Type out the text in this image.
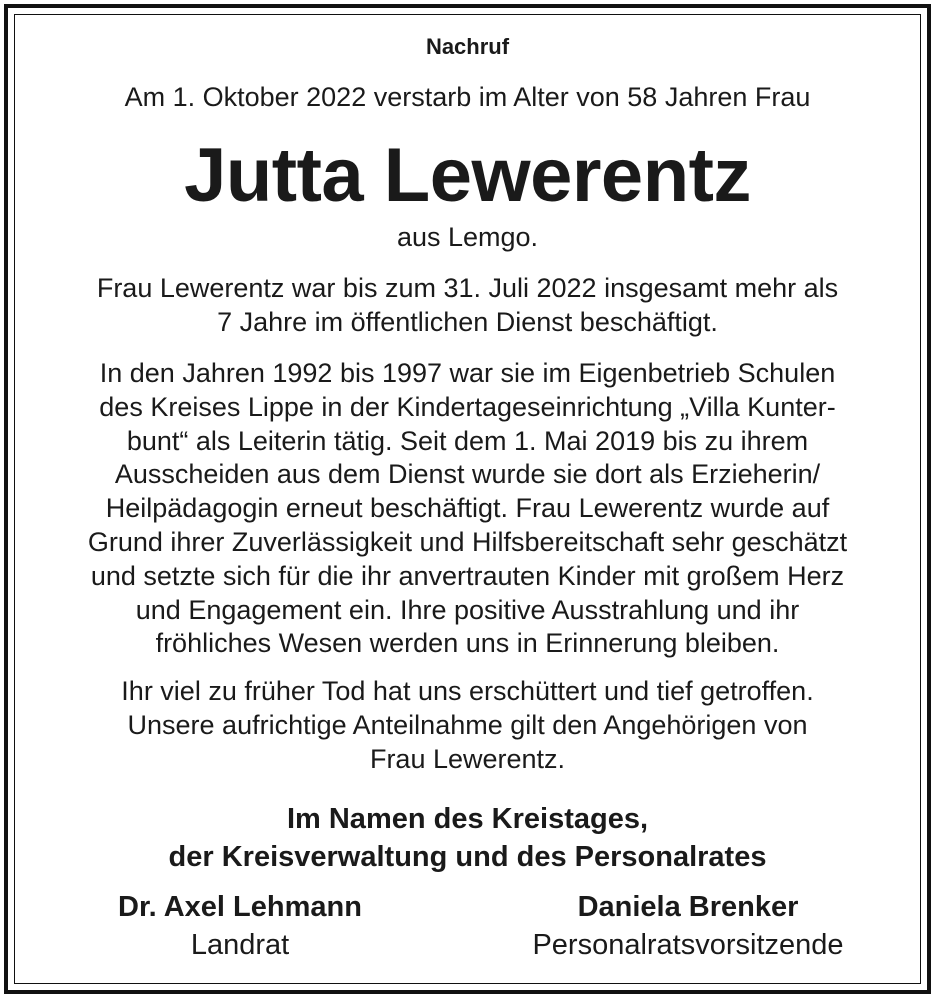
Nachruf
Am 1. Oktober 2022 verstarb im Alter von 58 Jahren Frau
Jutta Lewerentz
aus Lemgo.
Frau Lewerentz war bis zum 31. Juli 2022 insgesamt mehr als
7 Jahre im öffentlichen Dienst beschäftigt.
In den Jahren 1992 bis 1997 war sie im Eigenbetrieb Schulen
des Kreises Lippe in der Kindertageseinrichtung „Villa Kunter-
bunt“ als Leiterin tätig. Seit dem 1. Mai 2019 bis zu ihrem
Ausscheiden aus dem Dienst wurde sie dort als Erzieherin/
Heilpädagogin erneut beschäftigt. Frau Lewerentz wurde auf
Grund ihrer Zuverlässigkeit und Hilfsbereitschaft sehr geschätzt
und setzte sich für die ihr anvertrauten Kinder mit großem Herz
und Engagement ein. Ihre positive Ausstrahlung und ihr
fröhliches Wesen werden uns in Erinnerung bleiben.
Ihr viel zu früher Tod hat uns erschüttert und tief getroffen.
Unsere aufrichtige Anteilnahme gilt den Angehörigen von
Frau Lewerentz.
Im Namen des Kreistages,
der Kreisverwaltung und des Personalrates
Dr. Axel Lehmann
Landrat
Daniela Brenker
Personalratsvorsitzende
